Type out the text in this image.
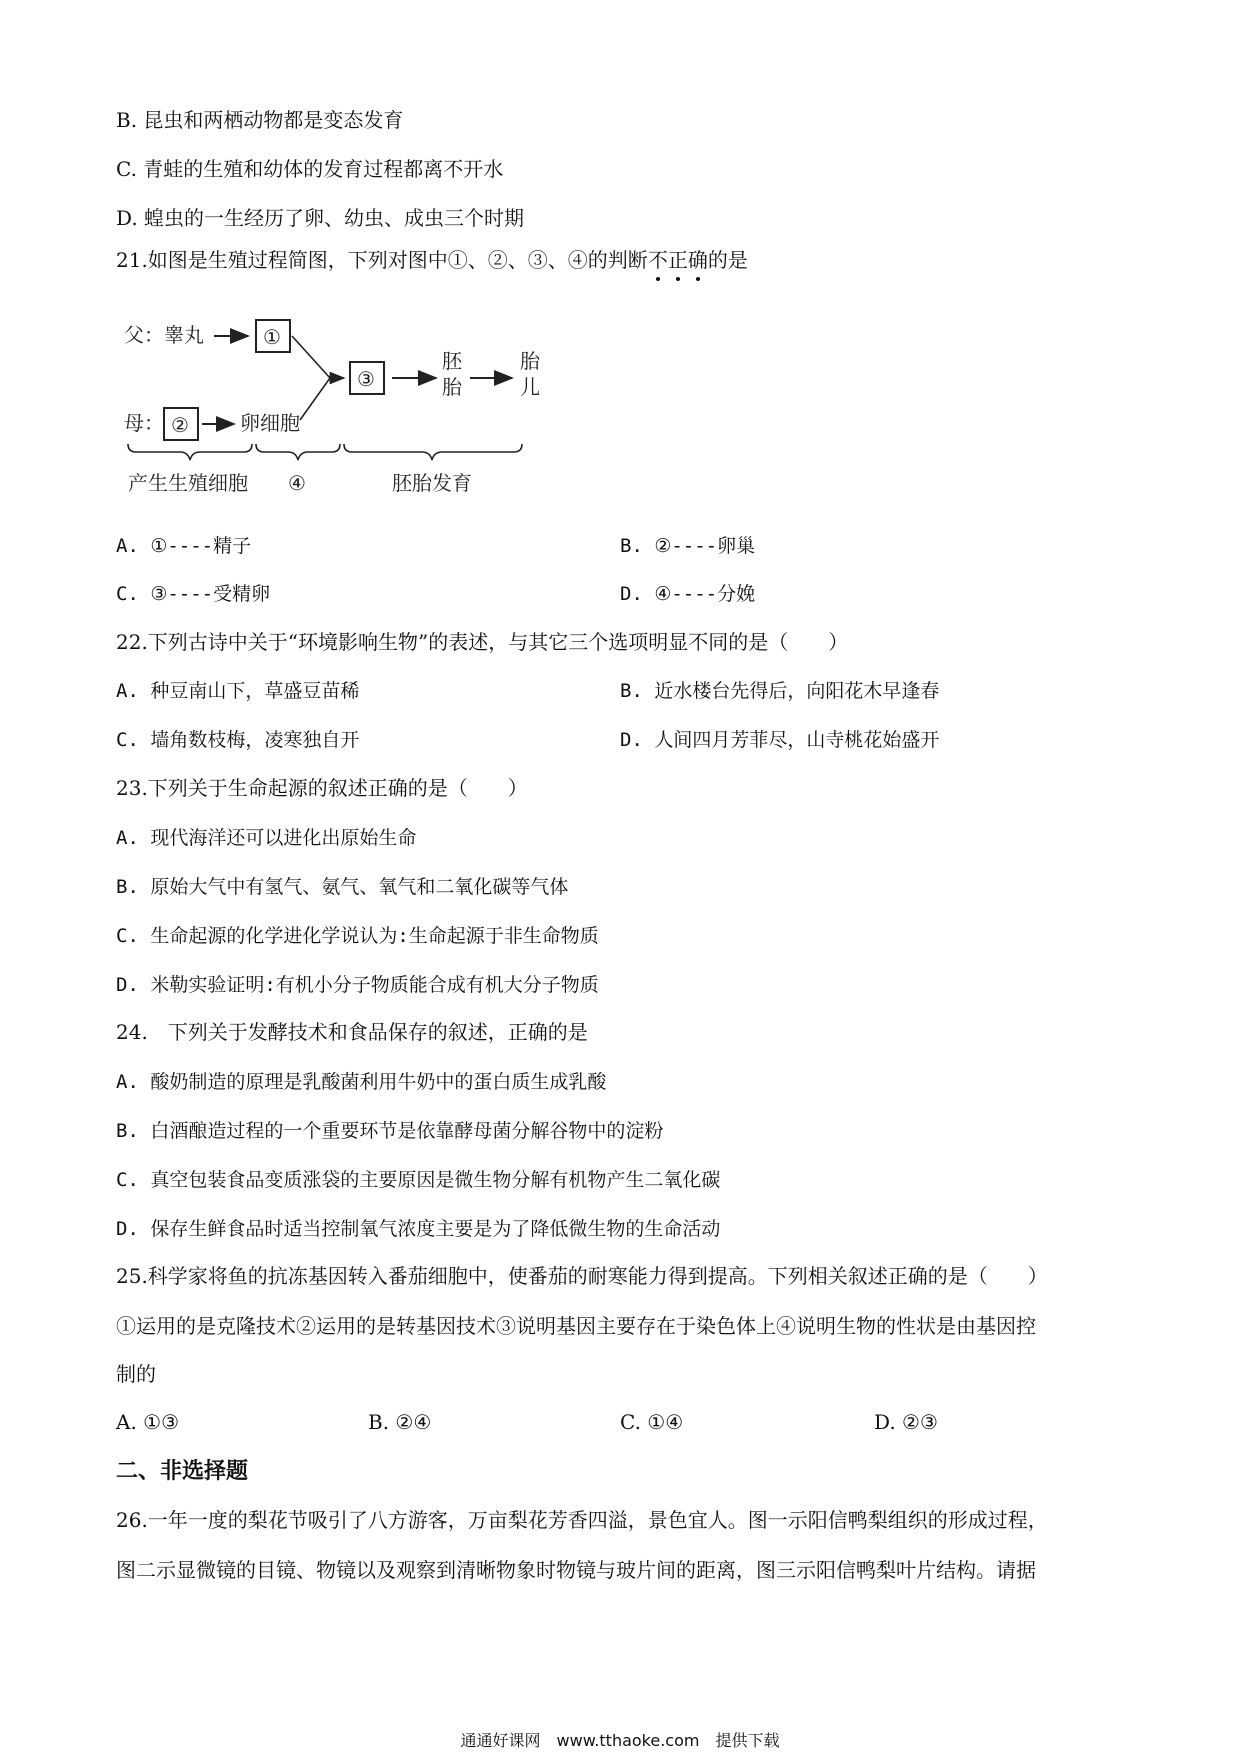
B. 昆虫和两栖动物都是变态发育
C. 青蛙的生殖和幼体的发育过程都离不开水
D. 蝗虫的一生经历了卵、幼虫、成虫三个时期
21.如图是生殖过程简图，下列对图中①、②、③、④的判断不正确的是
父：睾丸	①
母： ②	卵细胞
③
胚
胎
胎
儿
产生生殖细胞 ④	胚胎发育
A. ①----精子	B. ②----卵巢
C. ③----受精卵	D. ④----分娩
22.下列古诗中关于“环境影响生物”的表述，与其它三个选项明显不同的是（　　）
A. 种豆南山下，草盛豆苗稀	B. 近水楼台先得后，向阳花木早逢春
C. 墙角数枝梅，凌寒独自开	D. 人间四月芳菲尽，山寺桃花始盛开
23.下列关于生命起源的叙述正确的是（　　）
A. 现代海洋还可以进化出原始生命
B. 原始大气中有氢气、氨气、氧气和二氧化碳等气体
C. 生命起源的化学进化学说认为:生命起源于非生命物质
D. 米勒实验证明:有机小分子物质能合成有机大分子物质
24.　下列关于发酵技术和食品保存的叙述，正确的是
A. 酸奶制造的原理是乳酸菌利用牛奶中的蛋白质生成乳酸
B. 白酒酿造过程的一个重要环节是依靠酵母菌分解谷物中的淀粉
C. 真空包装食品变质涨袋的主要原因是微生物分解有机物产生二氧化碳
D. 保存生鲜食品时适当控制氧气浓度主要是为了降低微生物的生命活动
25.科学家将鱼的抗冻基因转入番茄细胞中，使番茄的耐寒能力得到提高。下列相关叙述正确的是（　　）
①运用的是克隆技术②运用的是转基因技术③说明基因主要存在于染色体上④说明生物的性状是由基因控
制的
A. ①③	B. ②④	C. ①④	D. ②③
二、非选择题
26.一年一度的梨花节吸引了八方游客，万亩梨花芳香四溢，景色宜人。图一示阳信鸭梨组织的形成过程，
图二示显微镜的目镜、物镜以及观察到清晰物象时物镜与玻片间的距离，图三示阳信鸭梨叶片结构。请据
通通好课网　www.tthaoke.com　提供下载
